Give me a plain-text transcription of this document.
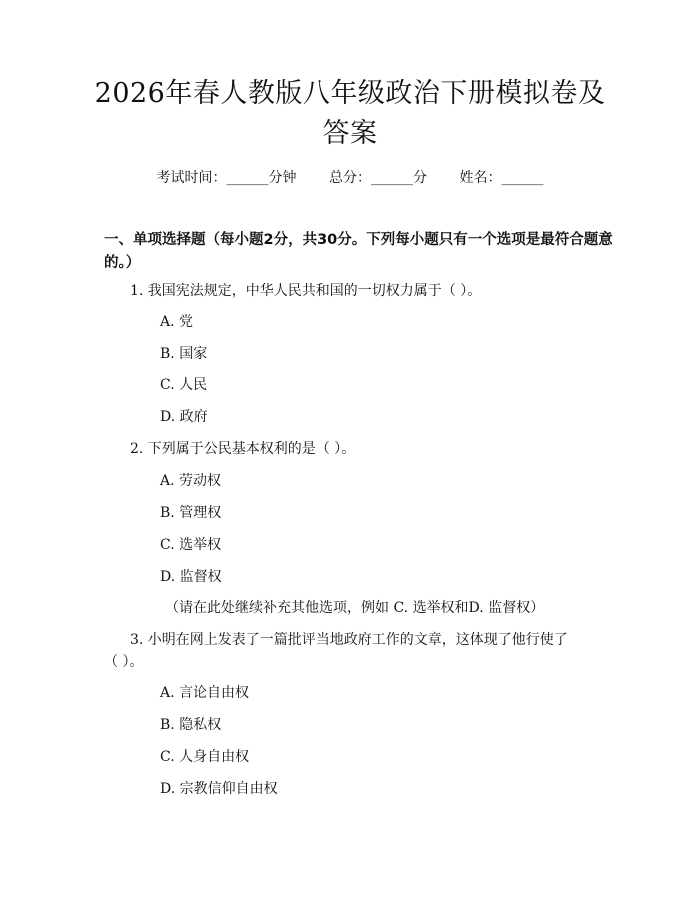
2026年春人教版八年级政治下册模拟卷及答案
考试时间：______分钟 总分：______分 姓名：______
一、单项选择题（每小题2分，共30分。下列每小题只有一个选项是最符合题意的。）
1. 我国宪法规定，中华人民共和国的一切权力属于（ ）。
A. 党
B. 国家
C. 人民
D. 政府
2. 下列属于公民基本权利的是（ ）。
A. 劳动权
B. 管理权
C. 选举权
D. 监督权
（请在此处继续补充其他选项，例如 C. 选举权和D. 监督权）
3. 小明在网上发表了一篇批评当地政府工作的文章，这体现了他行使了
（ ）。
A. 言论自由权
B. 隐私权
C. 人身自由权
D. 宗教信仰自由权
